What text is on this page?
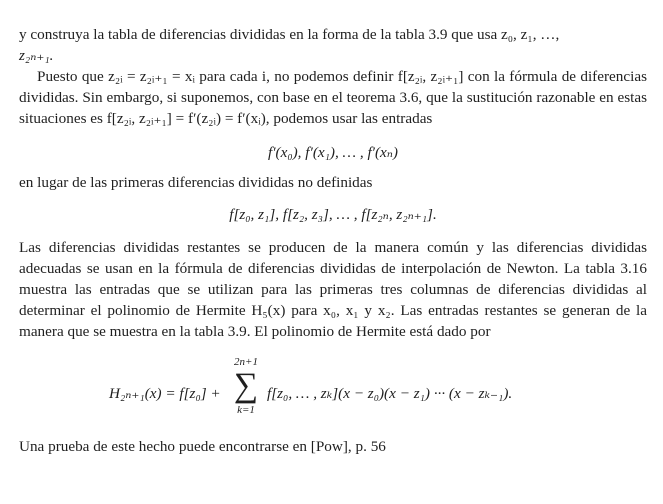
y construya la tabla de diferencias divididas en la forma de la tabla 3.9 que usa z₀, z₁, …,
z₂ₙ₊₁.

Puesto que z₂ᵢ = z₂ᵢ₊₁ = xᵢ para cada i, no podemos definir f[z₂ᵢ, z₂ᵢ₊₁] con la fórmula de diferencias divididas. Sin embargo, si suponemos, con base en el teorema 3.6, que la sustitución razonable en estas situaciones es f[z₂ᵢ, z₂ᵢ₊₁] = f′(z₂ᵢ) = f′(xᵢ), podemos usar las entradas

f′(x₀), f′(x₁), … , f′(xₙ)

en lugar de las primeras diferencias divididas no definidas

f[z₀, z₁], f[z₂, z₃], … , f[z₂ₙ, z₂ₙ₊₁].

Las diferencias divididas restantes se producen de la manera común y las diferencias divididas adecuadas se usan en la fórmula de diferencias divididas de interpolación de Newton. La tabla 3.16 muestra las entradas que se utilizan para las primeras tres columnas de diferencias divididas al determinar el polinomio de Hermite H₅(x) para x₀, x₁ y x₂. Las entradas restantes se generan de la manera que se muestra en la tabla 3.9. El polinomio de Hermite está dado por

H₂ₙ₊₁(x) = f[z₀] +
2n+1
∑
k=1
f[z₀, … , zₖ](x − z₀)(x − z₁) ··· (x − zₖ₋₁).

Una prueba de este hecho puede encontrarse en [Pow], p. 56
